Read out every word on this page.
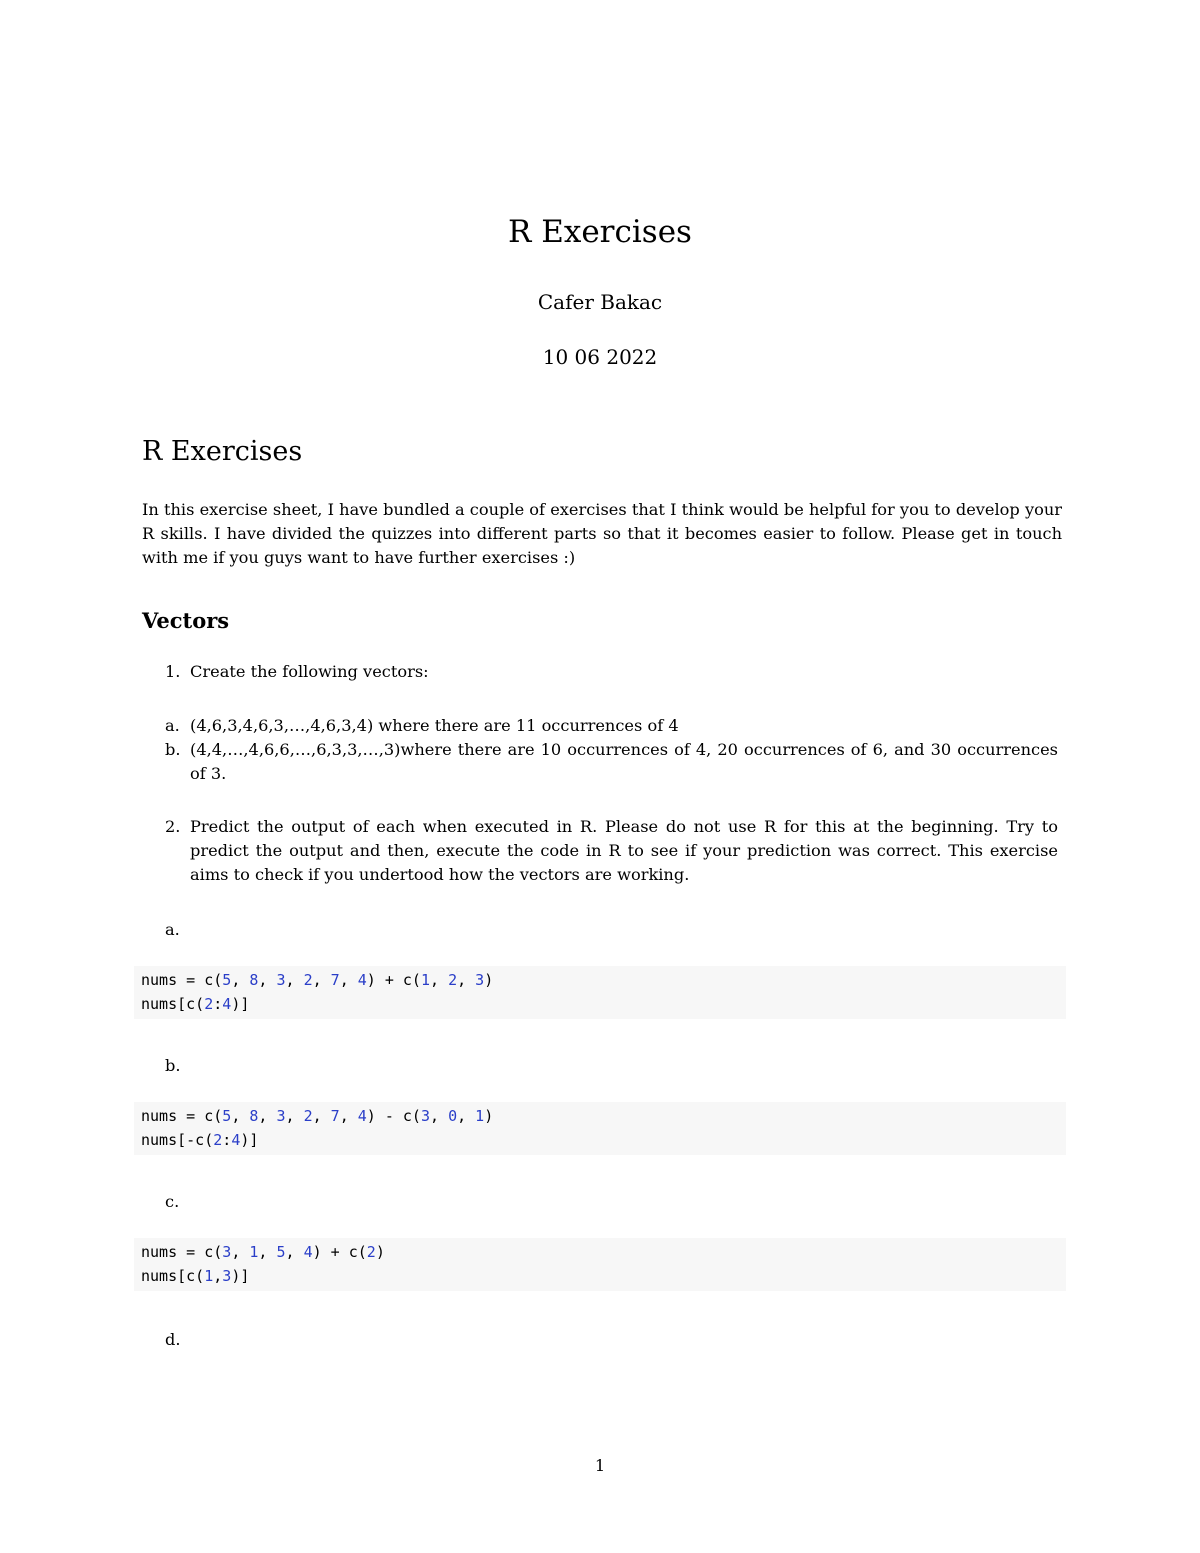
R Exercises
Cafer Bakac
10 06 2022
R Exercises

In this exercise sheet, I have bundled a couple of exercises that I think would be helpful for you to develop your R skills. I have divided the quizzes into different parts so that it becomes easier to follow. Please get in touch with me if you guys want to have further exercises :)

Vectors
1. Create the following vectors:
a. (4,6,3,4,6,3,…,4,6,3,4) where there are 11 occurrences of 4
b. (4,4,…,4,6,6,…,6,3,3,…,3)where there are 10 occurrences of 4, 20 occurrences of 6, and 30 occurrences of 3.
2. Predict the output of each when executed in R. Please do not use R for this at the beginning. Try to predict the output and then, execute the code in R to see if your prediction was correct. This exercise aims to check if you undertood how the vectors are working.
a.
nums = c(5, 8, 3, 2, 7, 4) + c(1, 2, 3)
nums[c(2:4)]
b.
nums = c(5, 8, 3, 2, 7, 4) - c(3, 0, 1)
nums[-c(2:4)]
c.
nums = c(3, 1, 5, 4) + c(2)
nums[c(1,3)]
d.
1
